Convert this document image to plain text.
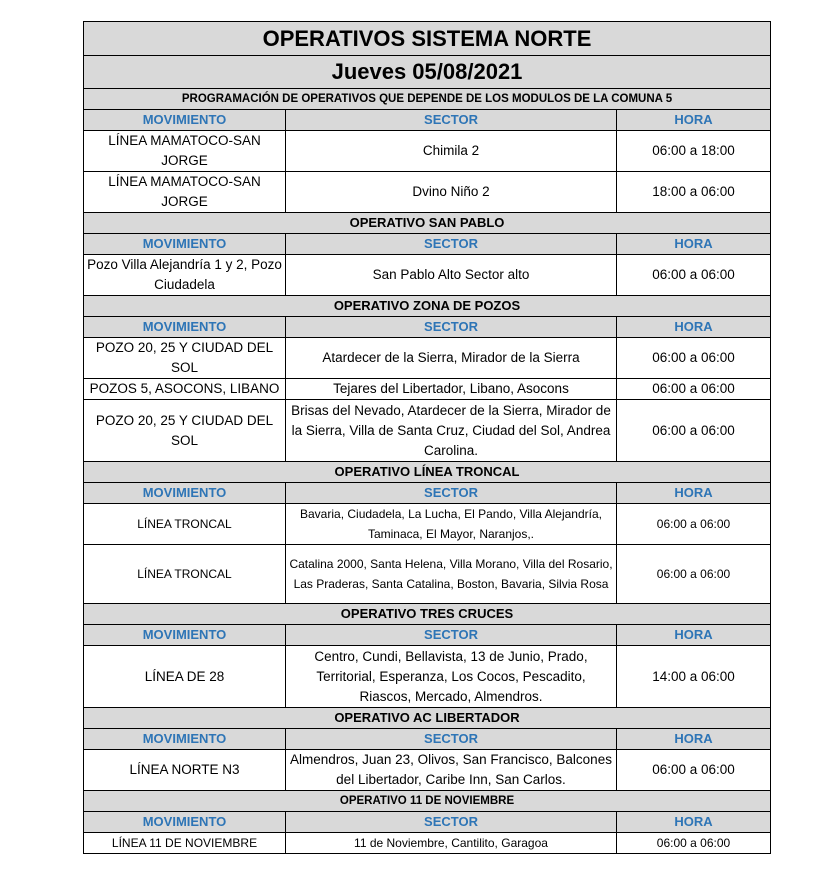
OPERATIVOS SISTEMA NORTE		
Jueves 05/08/2021		
PROGRAMACIÓN DE OPERATIVOS QUE DEPENDE DE LOS MODULOS DE LA COMUNA 5		
MOVIMIENTO	SECTOR	HORA
LÍNEA MAMATOCO-SAN JORGE	Chimila 2	06:00 a 18:00
LÍNEA MAMATOCO-SAN JORGE	Dvino Niño 2	18:00 a 06:00
OPERATIVO SAN PABLO		
MOVIMIENTO	SECTOR	HORA
Pozo Villa Alejandría 1 y 2, Pozo Ciudadela	San Pablo Alto Sector alto	06:00 a 06:00
OPERATIVO ZONA DE POZOS		
MOVIMIENTO	SECTOR	HORA
POZO 20, 25 Y CIUDAD DEL SOL	Atardecer de la Sierra, Mirador de la Sierra	06:00 a 06:00
POZOS 5, ASOCONS, LIBANO	Tejares del Libertador, Libano, Asocons	06:00 a 06:00
POZO 20, 25 Y CIUDAD DEL SOL	Brisas del Nevado, Atardecer de la Sierra, Mirador de la Sierra, Villa de Santa Cruz, Ciudad del Sol, Andrea Carolina.	06:00 a 06:00
OPERATIVO LÍNEA TRONCAL		
MOVIMIENTO	SECTOR	HORA
LÍNEA TRONCAL	Bavaria, Ciudadela, La Lucha, El Pando, Villa Alejandría, Taminaca, El Mayor, Naranjos,.	06:00 a 06:00
LÍNEA TRONCAL	Catalina 2000, Santa Helena, Villa Morano, Villa del Rosario, Las Praderas, Santa Catalina, Boston, Bavaria, Silvia Rosa	06:00 a 06:00
OPERATIVO TRES CRUCES		
MOVIMIENTO	SECTOR	HORA
LÍNEA DE 28	Centro, Cundi, Bellavista, 13 de Junio, Prado, Territorial, Esperanza, Los Cocos, Pescadito, Riascos, Mercado, Almendros.	14:00 a 06:00
OPERATIVO AC LIBERTADOR		
MOVIMIENTO	SECTOR	HORA
LÍNEA NORTE N3	Almendros, Juan 23, Olivos, San Francisco, Balcones del Libertador, Caribe Inn, San Carlos.	06:00 a 06:00
OPERATIVO 11 DE NOVIEMBRE		
MOVIMIENTO	SECTOR	HORA
LÍNEA 11 DE NOVIEMBRE	11 de Noviembre, Cantilito, Garagoa	06:00 a 06:00
